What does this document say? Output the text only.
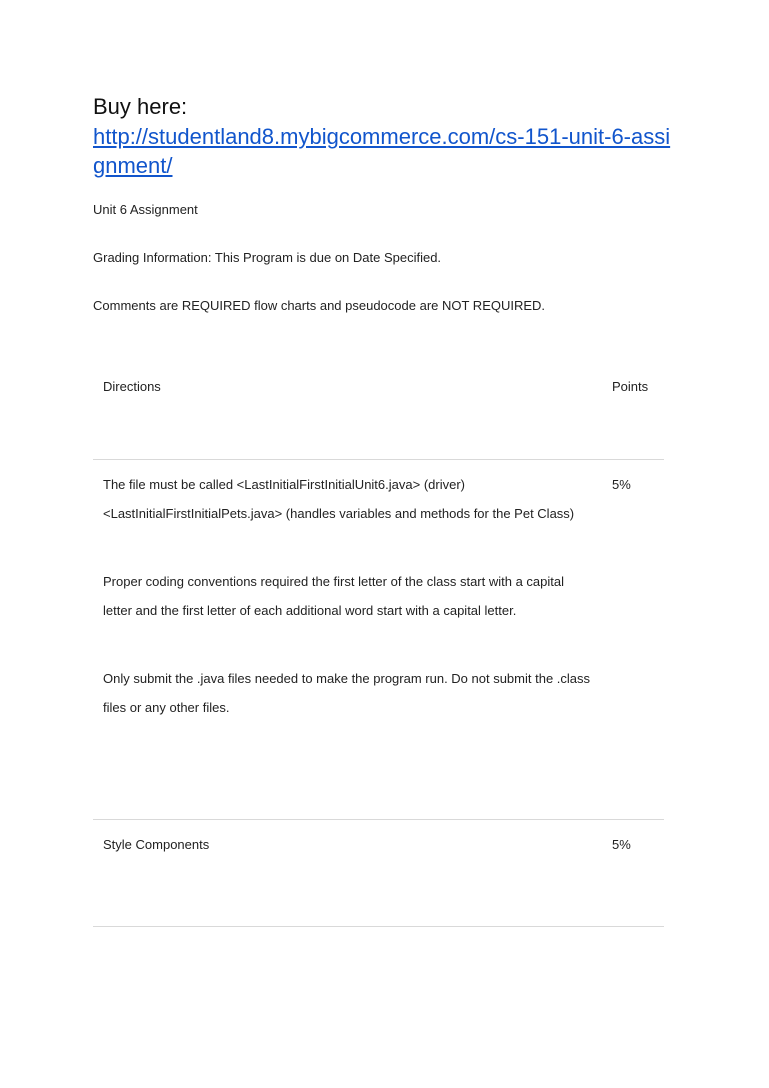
Buy here:

http://studentland8.mybigcommerce.com/cs-151-unit-6-assignment/

Unit 6 Assignment

Grading Information: This Program is due on Date Specified.

Comments are REQUIRED flow charts and pseudocode are NOT REQUIRED.

Directions	Points
The file must be called <LastInitialFirstInitialUnit6.java> (driver) <LastInitialFirstInitialPets.java> (handles variables and methods for the Pet Class)
Proper coding conventions required the first letter of the class start with a capital letter and the first letter of each additional word start with a capital letter.
Only submit the .java files needed to make the program run. Do not submit the .class files or any other files.
5%
Style Components	5%
